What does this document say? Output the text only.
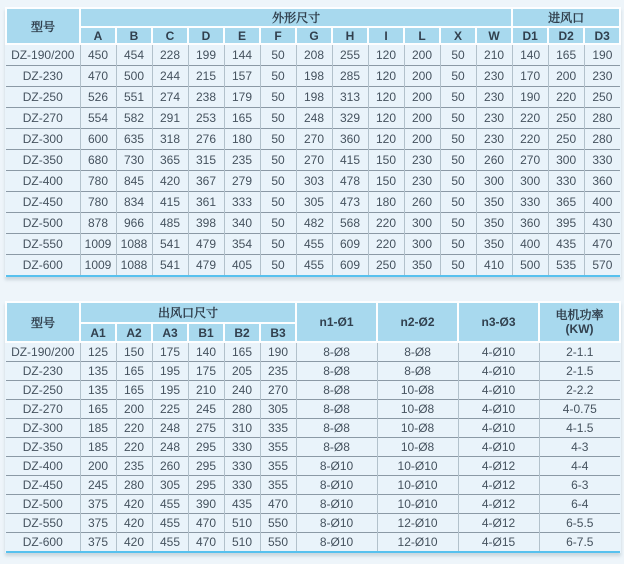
型号	外形尺寸												进风口		
	A	B	C	D	E	F	G	H	I	L	X	W	D1	D2	D3
DZ-190/200	450	454	228	199	144	50	208	255	120	200	50	210	140	165	190
DZ-230	470	500	244	215	157	50	198	285	120	200	50	230	170	200	230
DZ-250	526	551	274	238	179	50	198	313	120	200	50	230	190	220	250
DZ-270	554	582	291	253	165	50	248	329	120	200	50	230	220	250	280
DZ-300	600	635	318	276	180	50	270	360	120	200	50	230	220	250	280
DZ-350	680	730	365	315	235	50	270	415	150	230	50	260	270	300	330
DZ-400	780	845	420	367	279	50	303	478	150	230	50	300	300	330	360
DZ-450	780	834	415	361	333	50	305	473	180	260	50	350	330	365	400
DZ-500	878	966	485	398	340	50	482	568	220	300	50	350	360	395	430
DZ-550	1009	1088	541	479	354	50	455	609	220	300	50	350	400	435	470
DZ-600	1009	1088	541	479	405	50	455	609	250	350	50	410	500	535	570
型号	出风口尺寸						n1-Ø1	n2-Ø2	n3-Ø3	电机功率
(KW)

	A1	A2	A3	B1	B2	B3				
DZ-190/200	125	150	175	140	165	190	8-Ø8	8-Ø8	4-Ø10	2-1.1
DZ-230	135	165	195	175	205	235	8-Ø8	8-Ø8	4-Ø10	2-1.5
DZ-250	135	165	195	210	240	270	8-Ø8	10-Ø8	4-Ø10	2-2.2
DZ-270	165	200	225	245	280	305	8-Ø8	10-Ø8	4-Ø10	4-0.75
DZ-300	185	220	248	275	310	335	8-Ø8	10-Ø8	4-Ø10	4-1.5
DZ-350	185	220	248	295	330	355	8-Ø8	10-Ø8	4-Ø10	4-3
DZ-400	200	235	260	295	330	355	8-Ø10	10-Ø10	4-Ø12	4-4
DZ-450	245	280	305	295	330	355	8-Ø10	10-Ø10	4-Ø12	6-3
DZ-500	375	420	455	390	435	470	8-Ø10	10-Ø10	4-Ø12	6-4
DZ-550	375	420	455	470	510	550	8-Ø10	12-Ø10	4-Ø12	6-5.5
DZ-600	375	420	455	470	510	550	8-Ø10	12-Ø10	4-Ø15	6-7.5
